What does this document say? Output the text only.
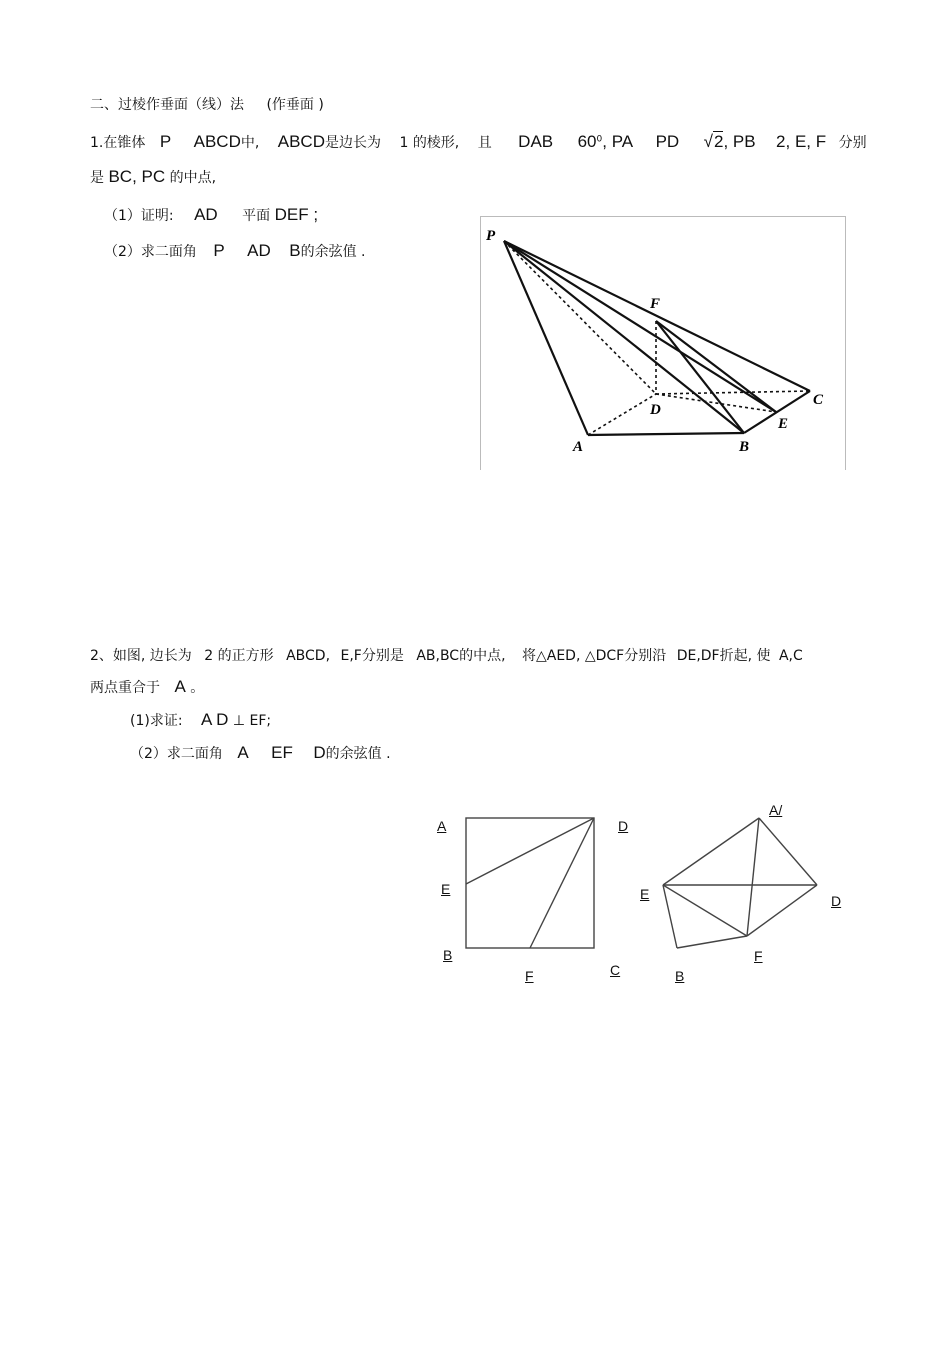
二、过棱作垂面（线）法 (作垂面 )
1.在锥体 P ABCD中, ABCD是边长为 1 的棱形, 且 DAB $60^0$, PA PD √2, PB 2, E, F 分别
是 BC, PC 的中点,
（1）证明: AD 平面 DEF ;
（2）求二面角 P AD B的余弦值 .
P
F
D
C
E
A	B
2、如图, 边长为 2 的正方形 ABCD, E,F分别是 AB,BC的中点, 将△AED, △DCF分别沿 DE,DF折起, 使 A,C
两点重合于 A 。
(1)求证: A D ⊥ EF;
（2）求二面角 A EF D的余弦值 .
A	D
E
B
F	C
A/
E	D
F
B
